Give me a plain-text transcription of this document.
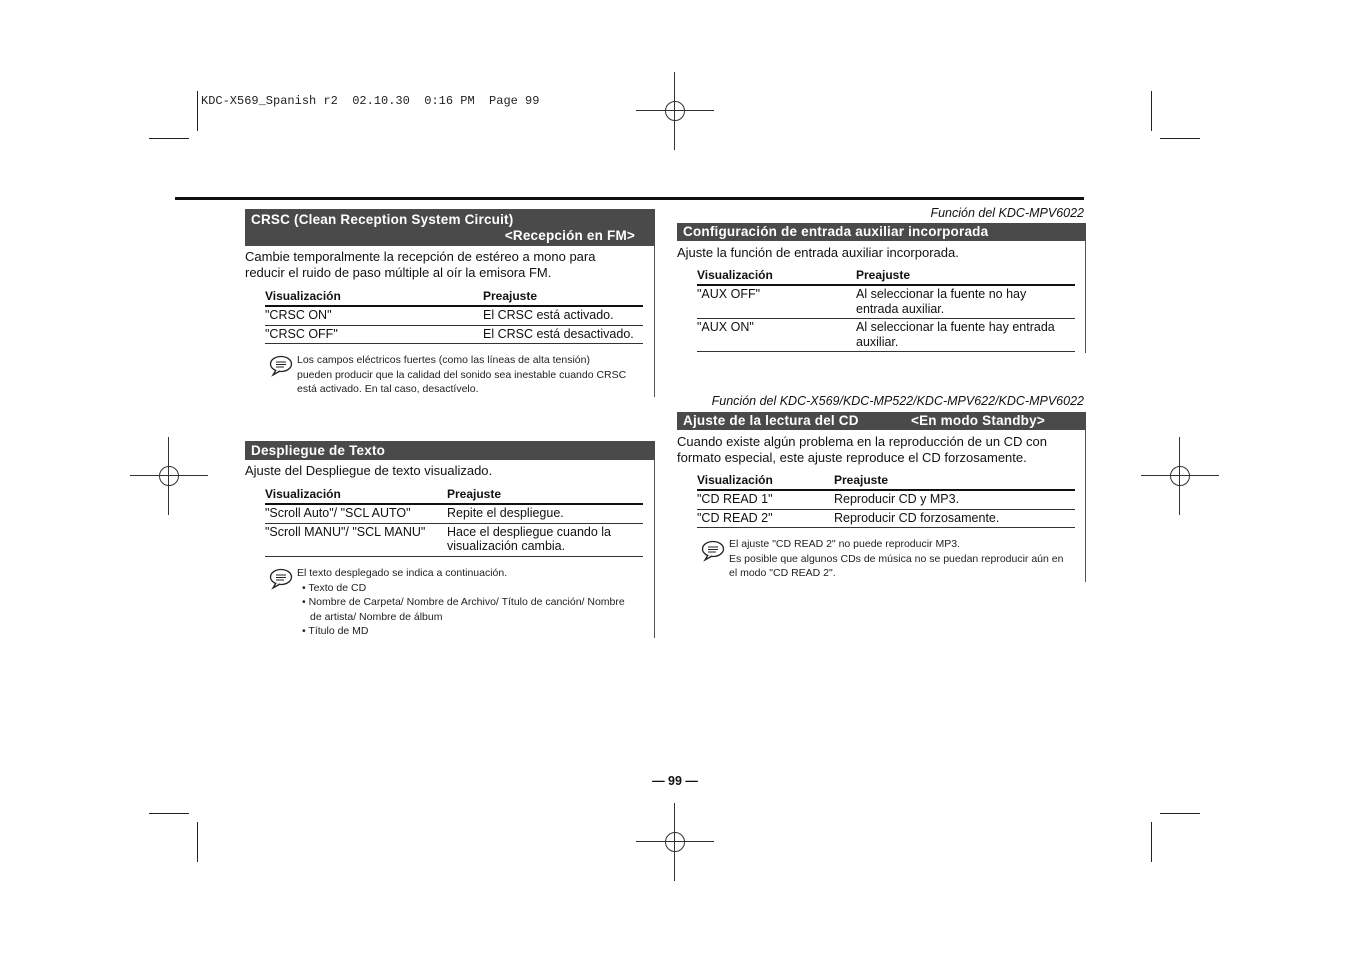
KDC-X569_Spanish r2  02.10.30  0:16 PM  Page 99
CRSC (Clean Reception System Circuit)
<Recepción en FM>
Cambie temporalmente la recepción de estéreo a mono para reducir el ruido de paso múltiple al oír la emisora FM.
Visualización	Preajuste
"CRSC ON"	El CRSC está activado.
"CRSC OFF"	El CRSC está desactivado.
Los campos eléctricos fuertes (como las líneas de alta tensión) pueden producir que la calidad del sonido sea inestable cuando CRSC está activado. En tal caso, desactívelo.
Despliegue de Texto
Ajuste del Despliegue de texto visualizado.
Visualización	Preajuste
"Scroll Auto"/ "SCL AUTO"	Repite el despliegue.
"Scroll MANU"/ "SCL MANU"	Hace el despliegue cuando la visualización cambia.
El texto desplegado se indica a continuación.
• Texto de CD
• Nombre de Carpeta/ Nombre de Archivo/ Título de canción/ Nombre de artista/ Nombre de álbum
• Título de MD
Función del KDC-MPV6022
Configuración de entrada auxiliar incorporada
Ajuste la función de entrada auxiliar incorporada.
Visualización	Preajuste
"AUX OFF"	Al seleccionar la fuente no hay entrada auxiliar.
"AUX ON"	Al seleccionar la fuente hay entrada auxiliar.
Función del KDC-X569/KDC-MP522/KDC-MPV622/KDC-MPV6022
Ajuste de la lectura del CD	<En modo Standby>
Cuando existe algún problema en la reproducción de un CD con formato especial, este ajuste reproduce el CD forzosamente.
Visualización	Preajuste
"CD READ 1"	Reproducir CD y MP3.
"CD READ 2"	Reproducir CD forzosamente.
El ajuste "CD READ 2" no puede reproducir MP3.
Es posible que algunos CDs de música no se puedan reproducir aún en el modo "CD READ 2".
— 99 —
